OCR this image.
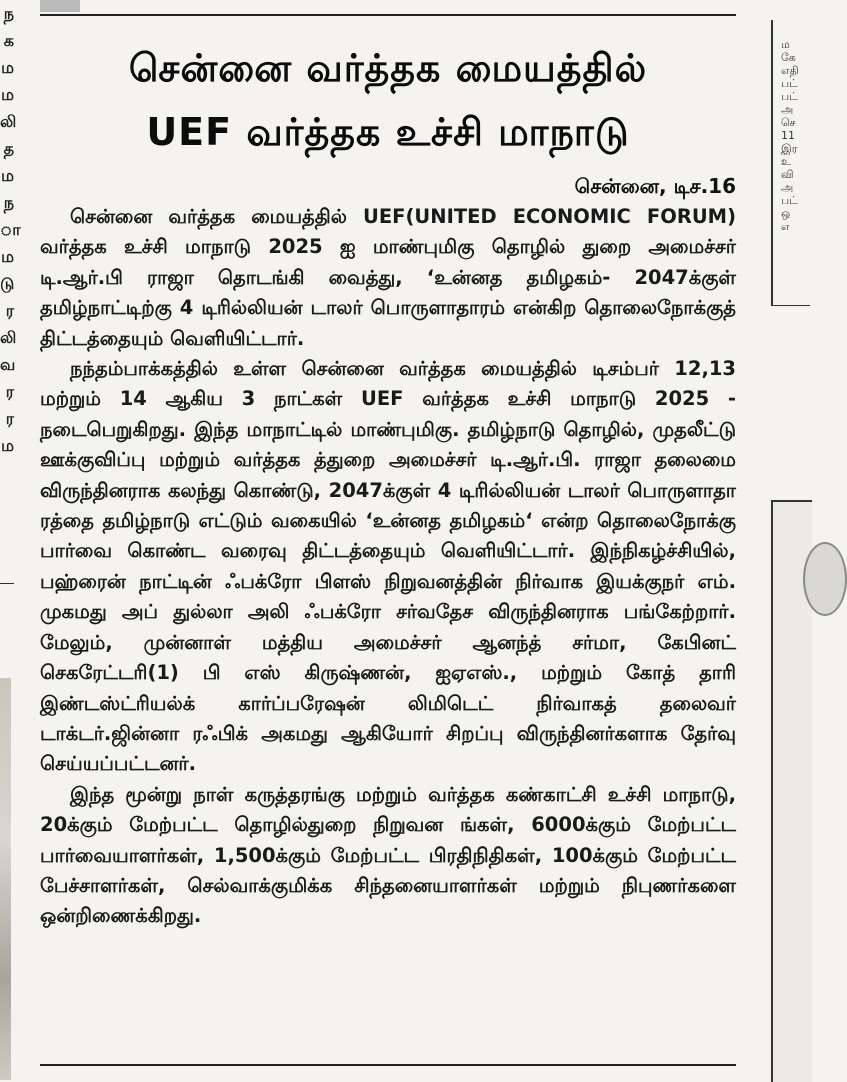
ந
க
ம
ம
லி
த
ம
ந
ா
ம
டு
ர
லி
வ
ர
ர
ம
சென்னை வர்த்தக மையத்தில்
UEF வர்த்தக உச்சி மாநாடு
சென்னை, டிச.16

சென்னை வர்த்தக மையத்தில் UEF(UNITED ECONOMIC FORUM) வர்த்தக உச்சி மாநாடு 2025 ஐ மாண்புமிகு தொழில் துறை அமைச்சர் டி.ஆர்.பி ராஜா தொடங்கி வைத்து, ‘உன்னத தமிழகம்- 2047க்குள் தமிழ்நாட்டிற்கு 4 டிரில்லியன் டாலர் பொருளாதாரம் என்கிற தொலைநோக்குத் திட்டத்தையும் வெளியிட்டார்.

நந்தம்பாக்கத்தில் உள்ள சென்னை வர்த்தக மையத்தில் டிசம்பர் 12,13 மற்றும் 14 ஆகிய 3 நாட்கள் UEF வர்த்தக உச்சி மாநாடு 2025 - நடைபெறுகிறது. இந்த மாநாட்டில் மாண்புமிகு. தமிழ்நாடு தொழில், முதலீட்டு ஊக்குவிப்பு மற்றும் வர்த்தக த்துறை அமைச்சர் டி.ஆர்.பி. ராஜா தலைமை விருந்தினராக கலந்து கொண்டு, 2047க்குள் 4 டிரில்லியன் டாலர் பொருளாதா ரத்தை தமிழ்நாடு எட்டும் வகையில் ‘உன்னத தமிழகம்‘ என்ற தொலைநோக்கு பார்வை கொண்ட வரைவு திட்டத்தையும் வெளியிட்டார். இந்நிகழ்ச்சியில், பஹ்ரைன் நாட்டின் ஃபக்ரோ பிளஸ் நிறுவனத்தின் நிர்வாக இயக்குநர் எம். முகமது அப் துல்லா அலி ஃபக்ரோ சர்வதேச விருந்தினராக பங்கேற்றார். மேலும், முன்னாள் மத்திய அமைச்சர் ஆனந்த் சர்மா, கேபினட் செகரேட்டரி(1) பி எஸ் கிருஷ்ணன், ஐஏஎஸ்., மற்றும் கோத் தாரி இண்டஸ்ட்ரியல்க் கார்ப்பரேஷன் லிமிடெட் நிர்வாகத் தலைவர் டாக்டர்.ஜின்னா ரஃபிக் அகமது ஆகியோர் சிறப்பு விருந்தினர்களாக தேர்வு செய்யப்பட்டனர்.

இந்த மூன்று நாள் கருத்தரங்கு மற்றும் வர்த்தக கண்காட்சி உச்சி மாநாடு, 20க்கும் மேற்பட்ட தொழில்துறை நிறுவன ங்கள், 6000க்கும் மேற்பட்ட பார்வையாளர்கள், 1,500க்கும் மேற்பட்ட பிரதிநிதிகள், 100க்கும் மேற்பட்ட பேச்சாளர்கள், செல்வாக்குமிக்க சிந்தனையாளர்கள் மற்றும் நிபுணர்களை ஒன்றிணைக்கிறது.

ம
கே
எதி
பட்
பட்
அ
செ
11
இர
உ
வி
அ
பட்
ஒ
எ
